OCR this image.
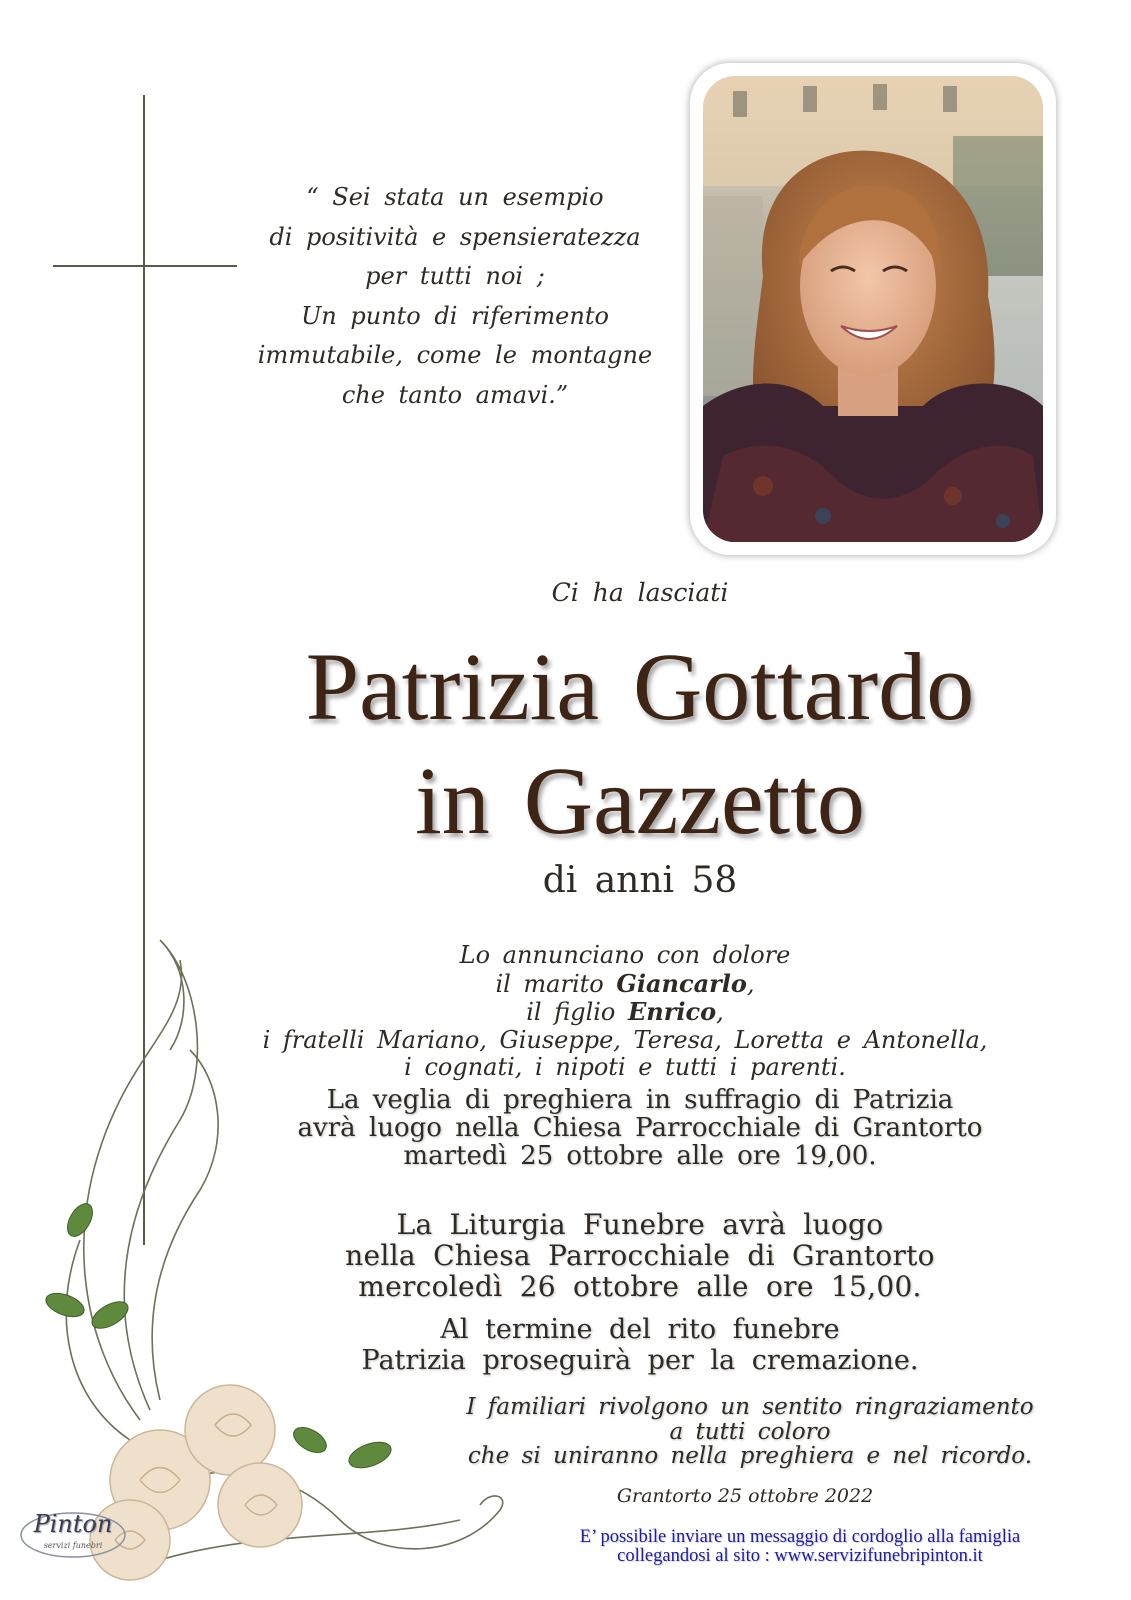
“ Sei stata un esempio
di positività e spensieratezza
per tutti noi ;
Un punto di riferimento
immutabile, come le montagne
che tanto amavi.”
Ci ha lasciati
Patrizia Gottardo
in Gazzetto
di anni 58
Lo annunciano con dolore
il marito Giancarlo,
il figlio Enrico,
i fratelli Mariano, Giuseppe, Teresa, Loretta e Antonella,
i cognati, i nipoti e tutti i parenti.
La veglia di preghiera in suffragio di Patrizia
avrà luogo nella Chiesa Parrocchiale di Grantorto
martedì 25 ottobre alle ore 19,00.
La Liturgia Funebre avrà luogo
nella Chiesa Parrocchiale di Grantorto
mercoledì 26 ottobre alle ore 15,00.
Al termine del rito funebre
Patrizia proseguirà per la cremazione.
I familiari rivolgono un sentito ringraziamento
a tutti coloro
che si uniranno nella preghiera e nel ricordo.
Grantorto 25 ottobre 2022
E’ possibile inviare un messaggio di cordoglio alla famiglia
collegandosi al sito : www.servizifunebripinton.it
Pinton
servizi funebri
